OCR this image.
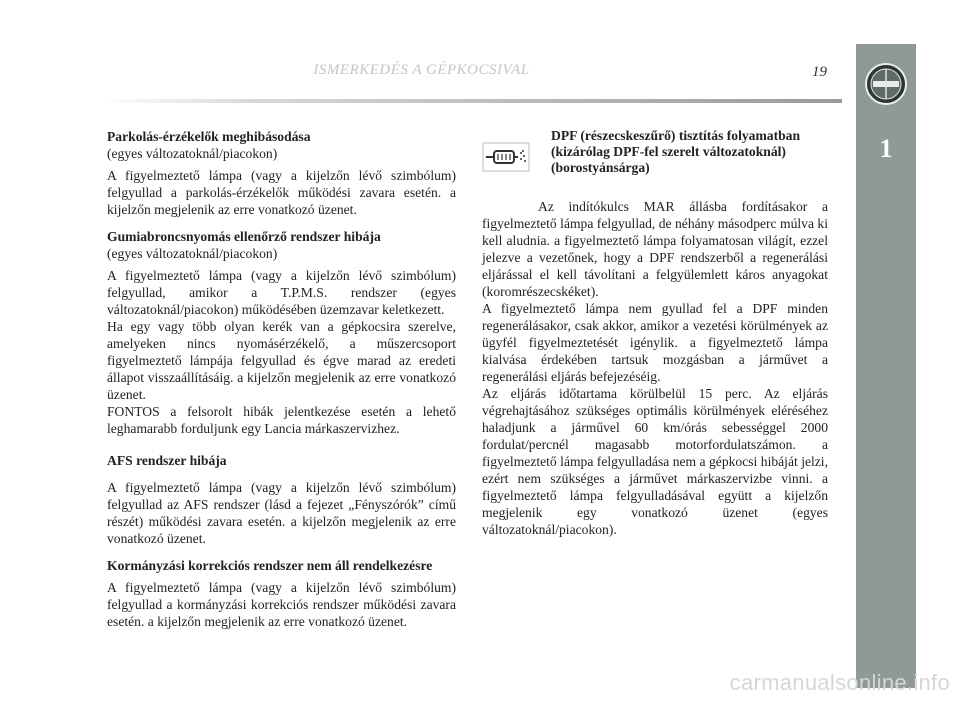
ISMERKEDÉS A GÉPKOCSIVAL	19
1

Parkolás-érzékelők meghibásodása

(egyes változatoknál/piacokon)

A figyelmeztető lámpa (vagy a kijelzőn lévő szimbólum) felgyullad a parkolás-érzékelők működési zavara esetén. a kijelzőn megjelenik az erre vonatkozó üzenet.

Gumiabroncsnyomás ellenőrző rendszer hibája

(egyes változatoknál/piacokon)

A figyelmeztető lámpa (vagy a kijelzőn lévő szimbólum) felgyullad, amikor a T.P.M.S. rendszer (egyes változatoknál/piacokon) működésében üzemzavar keletkezett.

Ha egy vagy több olyan kerék van a gépkocsira szerelve, amelyeken nincs nyomásérzékelő, a műszercsoport figyelmeztető lámpája felgyullad és égve marad az eredeti állapot visszaállításáig. a kijelzőn megjelenik az erre vonatkozó üzenet.

FONTOS a felsorolt hibák jelentkezése esetén a lehető leghamarabb forduljunk egy Lancia márkaszervizhez.

AFS rendszer hibája

A figyelmeztető lámpa (vagy a kijelzőn lévő szimbólum) felgyullad az AFS rendszer (lásd a fejezet „Fényszórók” című részét) működési zavara esetén. a kijelzőn megjelenik az erre vonatkozó üzenet.

Kormányzási korrekciós rendszer nem áll rendelkezésre

A figyelmeztető lámpa (vagy a kijelzőn lévő szimbólum) felgyullad a kormányzási korrekciós rendszer működési zavara esetén. a kijelzőn megjelenik az erre vonatkozó üzenet.

DPF (részecskeszűrő) tisztítás folyamatban (kizárólag DPF-fel szerelt változatoknál) (borostyánsárga)

Az indítókulcs MAR állásba fordításakor a figyelmeztető lámpa felgyullad, de néhány másodperc múlva ki kell aludnia. a figyelmeztető lámpa folyamatosan világít, ezzel jelezve a vezetőnek, hogy a DPF rendszerből a regenerálási eljárással el kell távolítani a felgyülemlett káros anyagokat (koromrészecskéket).

A figyelmeztető lámpa nem gyullad fel a DPF minden regenerálásakor, csak akkor, amikor a vezetési körülmények az ügyfél figyelmeztetését igénylik. a figyelmeztető lámpa kialvása érdekében tartsuk mozgásban a járművet a regenerálási eljárás befejezéséig.

Az eljárás időtartama körülbelül 15 perc. Az eljárás végrehajtásához szükséges optimális körülmények eléréséhez haladjunk a járművel 60 km/órás sebességgel 2000 fordulat/percnél magasabb motorfordulatszámon. a figyelmeztető lámpa felgyulladása nem a gépkocsi hibáját jelzi, ezért nem szükséges a járművet márkaszervizbe vinni. a figyelmeztető lámpa felgyulladásával együtt a kijelzőn megjelenik egy vonatkozó üzenet (egyes változatoknál/piacokon).

carmanualsonline.info
